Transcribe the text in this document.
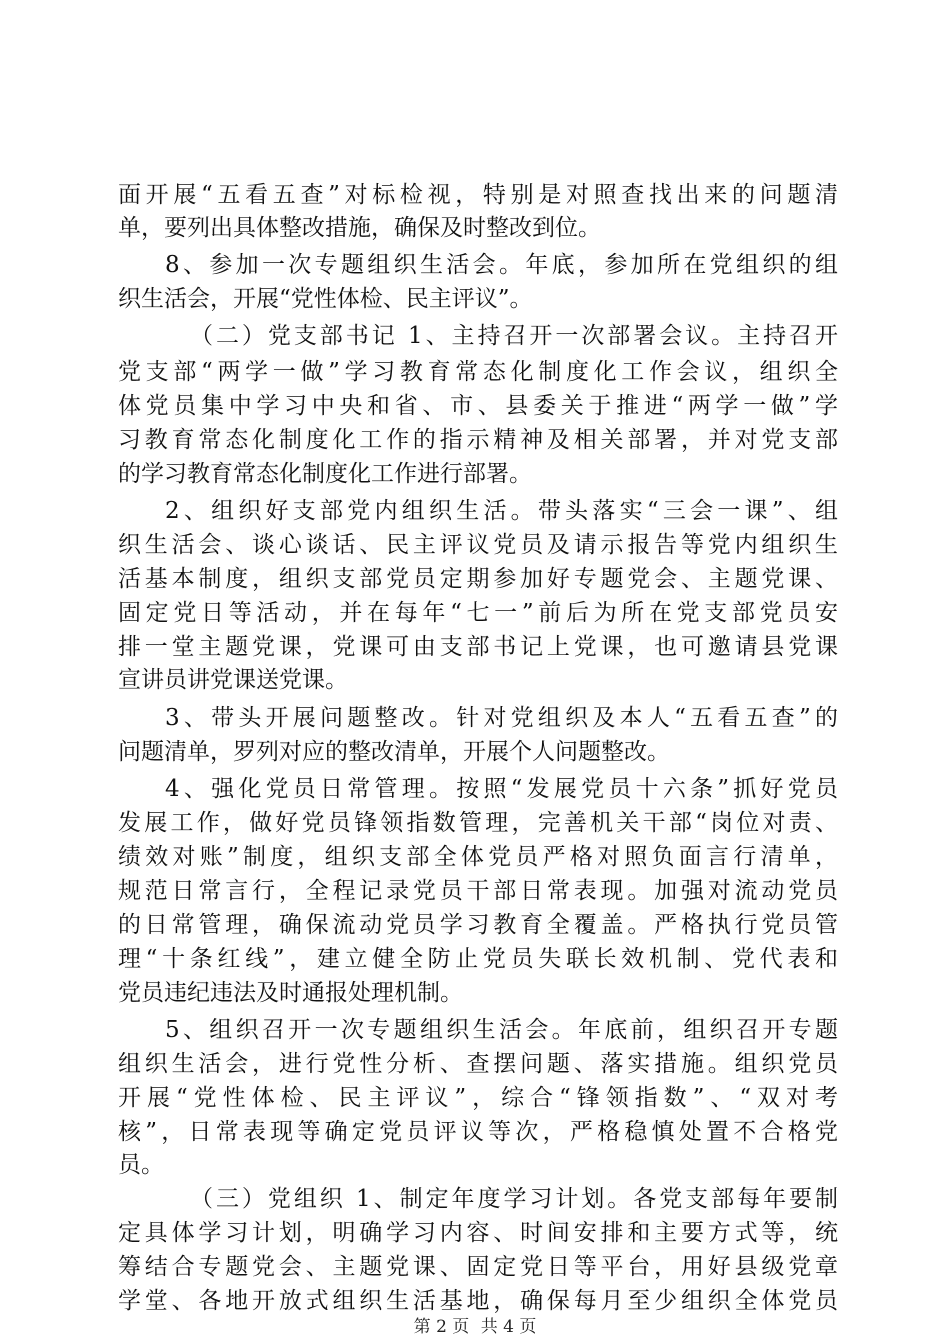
面开展“五看五查”对标检视，特别是对照查找出来的问题清
单，要列出具体整改措施，确保及时整改到位。
8、参加一次专题组织生活会。年底，参加所在党组织的组
织生活会，开展“党性体检、民主评议”。
（二）党支部书记 1、主持召开一次部署会议。主持召开
党支部“两学一做”学习教育常态化制度化工作会议，组织全
体党员集中学习中央和省、市、县委关于推进“两学一做”学
习教育常态化制度化工作的指示精神及相关部署，并对党支部
的学习教育常态化制度化工作进行部署。
2、组织好支部党内组织生活。带头落实“三会一课”、组
织生活会、谈心谈话、民主评议党员及请示报告等党内组织生
活基本制度，组织支部党员定期参加好专题党会、主题党课、
固定党日等活动，并在每年“七一”前后为所在党支部党员安
排一堂主题党课，党课可由支部书记上党课，也可邀请县党课
宣讲员讲党课送党课。
3、带头开展问题整改。针对党组织及本人“五看五查”的
问题清单，罗列对应的整改清单，开展个人问题整改。
4、强化党员日常管理。按照“发展党员十六条”抓好党员
发展工作，做好党员锋领指数管理，完善机关干部“岗位对责、
绩效对账”制度，组织支部全体党员严格对照负面言行清单，
规范日常言行，全程记录党员干部日常表现。加强对流动党员
的日常管理，确保流动党员学习教育全覆盖。严格执行党员管
理“十条红线”，建立健全防止党员失联长效机制、党代表和
党员违纪违法及时通报处理机制。
5、组织召开一次专题组织生活会。年底前，组织召开专题
组织生活会，进行党性分析、查摆问题、落实措施。组织党员
开展“党性体检、民主评议”，综合“锋领指数”、“双对考
核”，日常表现等确定党员评议等次，严格稳慎处置不合格党
员。
（三）党组织 1、制定年度学习计划。各党支部每年要制
定具体学习计划，明确学习内容、时间安排和主要方式等，统
筹结合专题党会、主题党课、固定党日等平台，用好县级党章
学堂、各地开放式组织生活基地，确保每月至少组织全体党员
第 2 页 共 4 页
